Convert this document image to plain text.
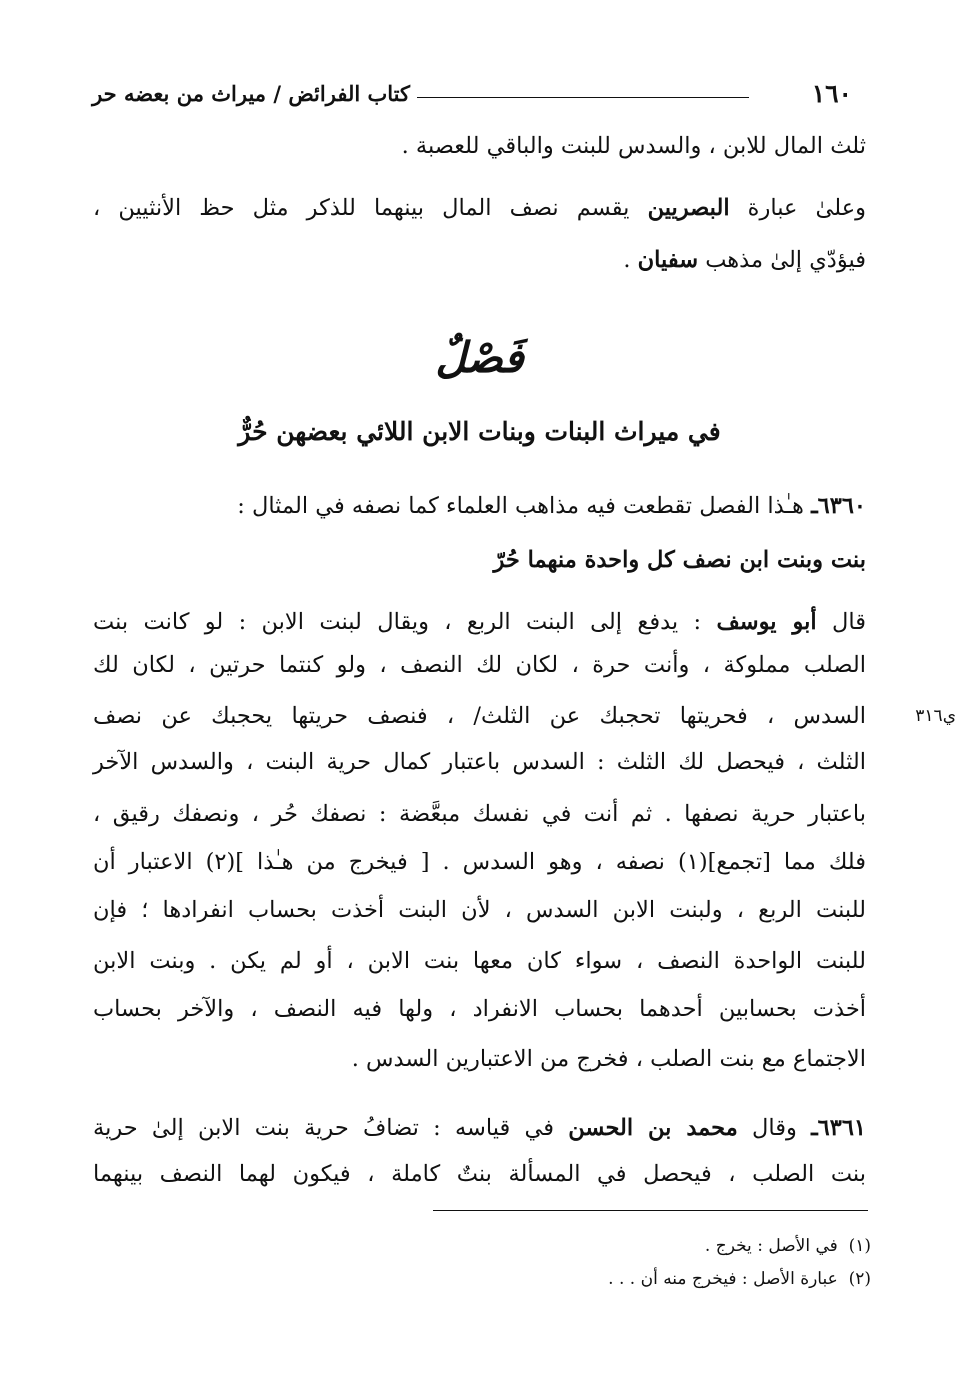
١٦٠
كتاب الفرائض / ميراث من بعضه حر
ثلث المال للابن ، والسدس للبنت والباقي للعصبة .
وعلىٰ عبارة البصريين يقسم نصف المال بينهما للذكر مثل حظ الأنثيين ،
فيؤدّي إلىٰ مذهب سفيان .
فَصْلٌ
في ميراث البنات وبنات الابن اللائي بعضهن حُرٌّ
٦٣٦٠ـ هـٰذا الفصل تقطعت فيه مذاهب العلماء كما نصفه في المثال :
بنت وبنت ابن نصف كل واحدة منهما حُرّ
قال أبو يوسف : يدفع إلى البنت الربع ، ويقال لبنت الابن : لو كانت بنت
الصلب مملوكة ، وأنت حرة ، لكان لك النصف ، ولو كنتما حرتين ، لكان لك
السدس ، فحريتها تحجبك عن الثلث/ ، فنصف حريتها يحجبك عن نصف
الثلث ، فيحصل لك الثلث : السدس باعتبار كمال حرية البنت ، والسدس الآخر
باعتبار حرية نصفها . ثم أنت في نفسك مبعَّضة : نصفك حُر ، ونصفك رقيق ،
فلك مما [تجمع](١) نصفه ، وهو السدس . [ فيخرج من هـٰذا ](٢) الاعتبار أن
للبنت الربع ، ولبنت الابن السدس ، لأن البنت أخذت بحساب انفرادها ؛ فإن
للبنت الواحدة النصف ، سواء كان معها بنت الابن ، أو لم يكن . وبنت الابن
أخذت بحسابين أحدهما بحساب الانفراد ، ولها فيه النصف ، والآخر بحساب
الاجتماع مع بنت الصلب ، فخرج من الاعتبارين السدس .
ي٣١٦
٦٣٦١ـ وقال محمد بن الحسن في قياسه : تضافُ حرية بنت الابن إلىٰ حرية
بنت الصلب ، فيحصل في المسألة بنتٌ كاملة ، فيكون لهما النصف بينهما
(١)  في الأصل : يخرج .
(٢)  عبارة الأصل : فيخرج منه أن . . .
